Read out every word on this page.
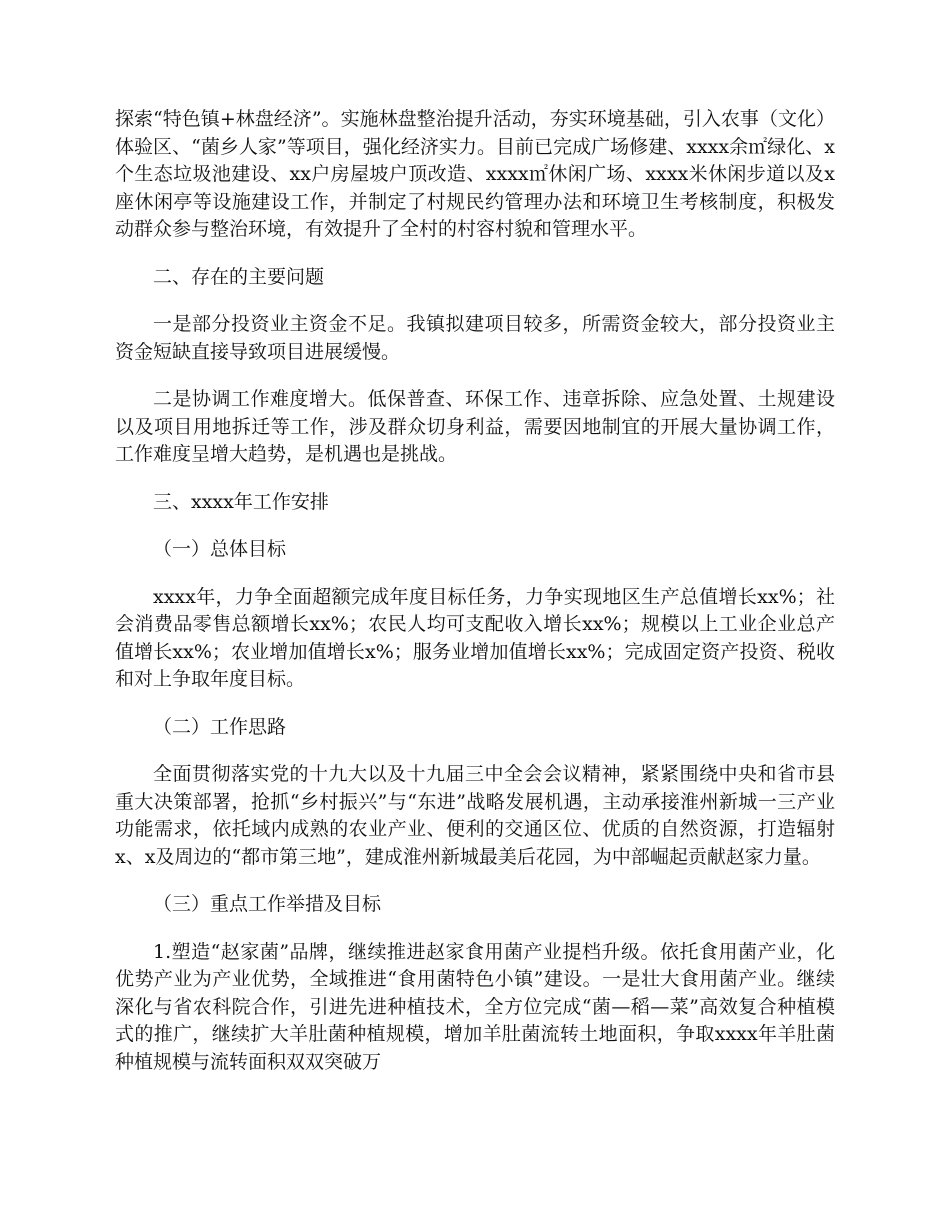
探索“特色镇+林盘经济”。实施林盘整治提升活动，夯实环境基础，引入农事（文化）体验区、“菌乡人家”等项目，强化经济实力。目前已完成广场修建、xxxx余㎡绿化、x个生态垃圾池建设、xx户房屋坡户顶改造、xxxx㎡休闲广场、xxxx米休闲步道以及x座休闲亭等设施建设工作，并制定了村规民约管理办法和环境卫生考核制度，积极发动群众参与整治环境，有效提升了全村的村容村貌和管理水平。

二、存在的主要问题

一是部分投资业主资金不足。我镇拟建项目较多，所需资金较大，部分投资业主资金短缺直接导致项目进展缓慢。

二是协调工作难度增大。低保普查、环保工作、违章拆除、应急处置、土规建设以及项目用地拆迁等工作，涉及群众切身利益，需要因地制宜的开展大量协调工作，工作难度呈增大趋势，是机遇也是挑战。

三、xxxx年工作安排

（一）总体目标

xxxx年，力争全面超额完成年度目标任务，力争实现地区生产总值增长xx%；社会消费品零售总额增长xx%；农民人均可支配收入增长xx%；规模以上工业企业总产值增长xx%；农业增加值增长x%；服务业增加值增长xx%；完成固定资产投资、税收和对上争取年度目标。

（二）工作思路

全面贯彻落实党的十九大以及十九届三中全会会议精神，紧紧围绕中央和省市县重大决策部署，抢抓“乡村振兴”与“东进”战略发展机遇，主动承接淮州新城一三产业功能需求，依托域内成熟的农业产业、便利的交通区位、优质的自然资源，打造辐射x、x及周边的“都市第三地”，建成淮州新城最美后花园，为中部崛起贡献赵家力量。

（三）重点工作举措及目标

1.塑造“赵家菌”品牌，继续推进赵家食用菌产业提档升级。依托食用菌产业，化优势产业为产业优势，全域推进“食用菌特色小镇”建设。一是壮大食用菌产业。继续深化与省农科院合作，引进先进种植技术，全方位完成“菌—稻—菜”高效复合种植模式的推广，继续扩大羊肚菌种植规模，增加羊肚菌流转土地面积，争取xxxx年羊肚菌种植规模与流转面积双双突破万
